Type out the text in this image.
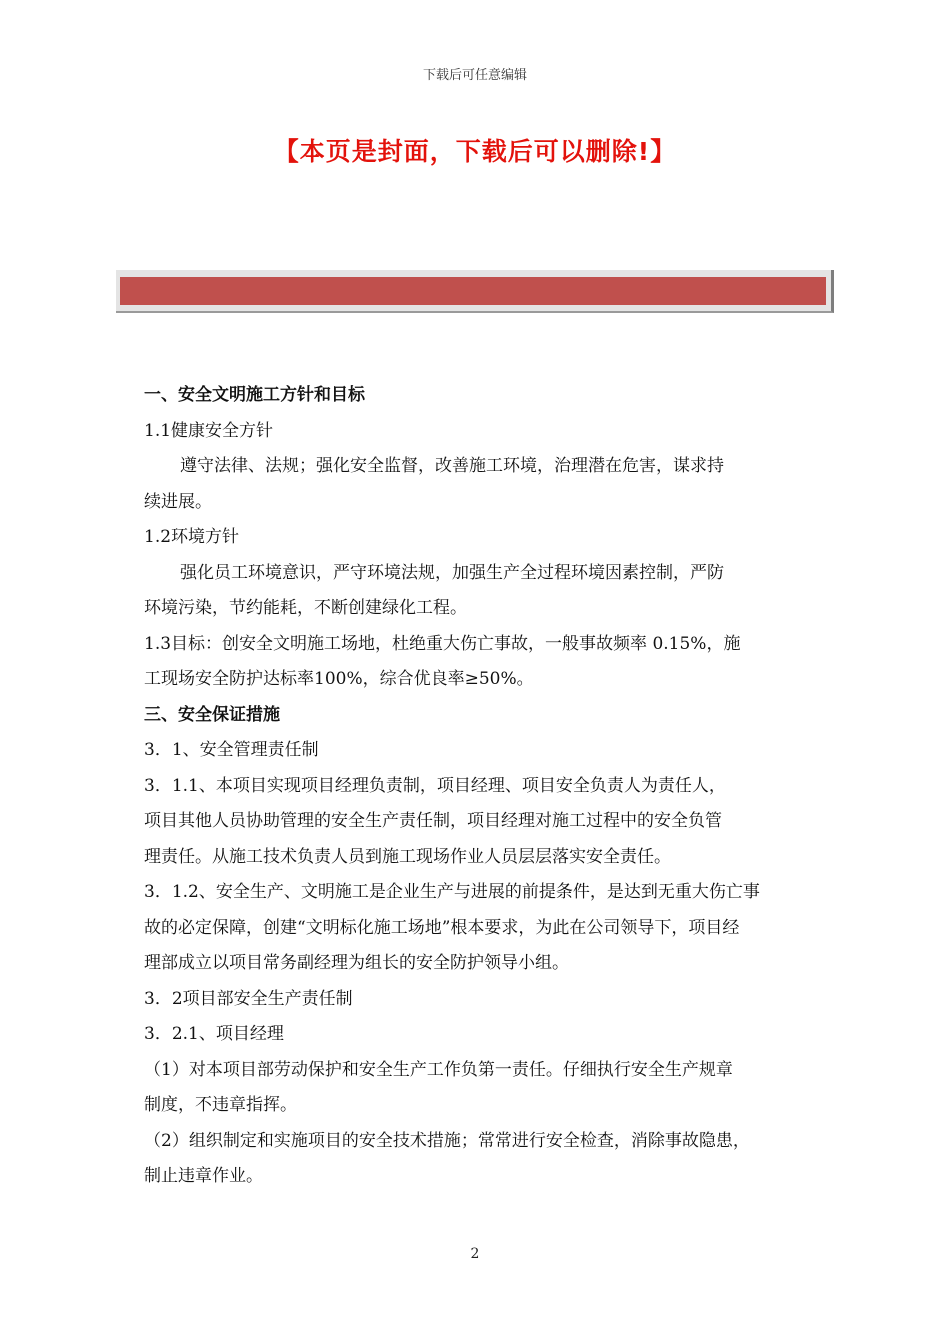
下载后可任意编辑
【本页是封面，下载后可以删除!】
一、安全文明施工方针和目标
1.1健康安全方针
遵守法律、法规；强化安全监督，改善施工环境，治理潜在危害，谋求持
续进展。
1.2环境方针
强化员工环境意识，严守环境法规，加强生产全过程环境因素控制，严防
环境污染，节约能耗，不断创建绿化工程。
1.3目标：创安全文明施工场地，杜绝重大伤亡事故，一般事故频率 0.15%，施
工现场安全防护达标率100%，综合优良率≥50%。
三、安全保证措施
3．1、安全管理责任制
3．1.1、本项目实现项目经理负责制，项目经理、项目安全负责人为责任人，
项目其他人员协助管理的安全生产责任制，项目经理对施工过程中的安全负管
理责任。从施工技术负责人员到施工现场作业人员层层落实安全责任。
3．1.2、安全生产、文明施工是企业生产与进展的前提条件，是达到无重大伤亡事
故的必定保障，创建“文明标化施工场地”根本要求，为此在公司领导下，项目经
理部成立以项目常务副经理为组长的安全防护领导小组。
3．2项目部安全生产责任制
3．2.1、项目经理
（1）对本项目部劳动保护和安全生产工作负第一责任。仔细执行安全生产规章
制度，不违章指挥。
（2）组织制定和实施项目的安全技术措施；常常进行安全检查，消除事故隐患，
制止违章作业。
2
